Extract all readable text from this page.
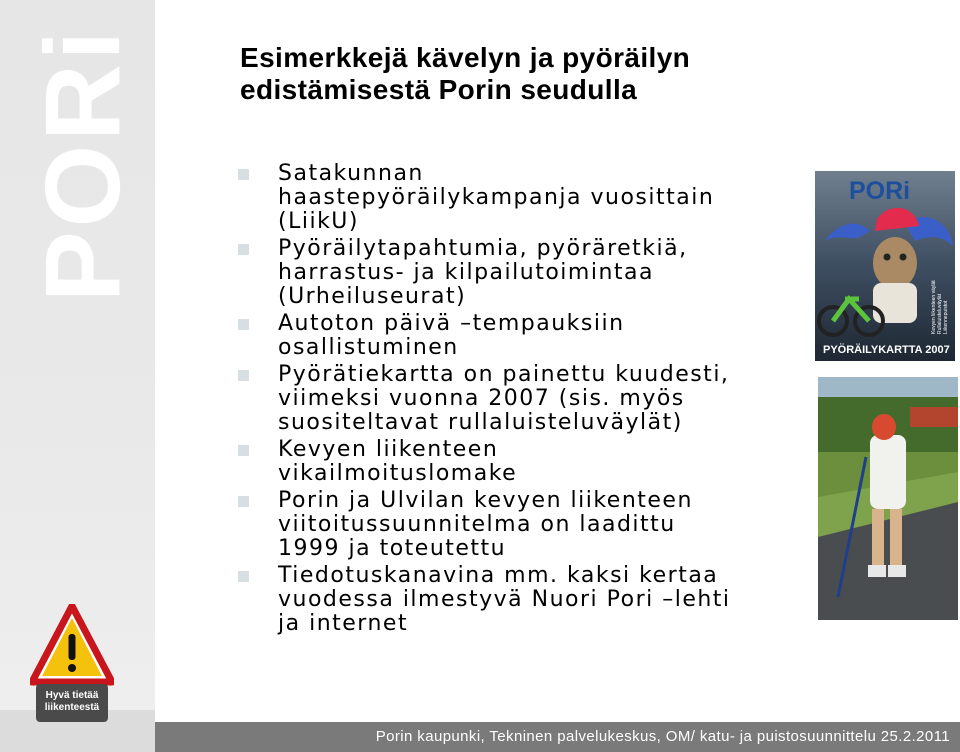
PORi
Hyvä tietää
liikenteestä
Esimerkkejä kävelyn ja pyöräilyn
edistämisestä Porin seudulla
Satakunnan
haastepyöräilykampanja vuosittain
(LiikU)
Pyöräilytapahtumia, pyöräretkiä,
harrastus- ja kilpailutoimintaa
(Urheiluseurat)
Autoton päivä –tempauksiin
osallistuminen
Pyörätiekartta on painettu kuudesti,
viimeksi vuonna 2007 (sis. myös
suositeltavat rullaluisteluväylät)
Kevyen liikenteen
vikailmoituslomake
Porin ja Ulvilan kevyen liikenteen
viitoitussuunnitelma on laadittu
1999 ja toteutettu
Tiedotuskanavina mm. kaksi kertaa
vuodessa ilmestyvä Nuori Pori –lehti
ja internet
PORi
Kevyen liikenteen väylät Rullaluisteluväylät Liikennepuistot
PYÖRÄILYKARTTA 2007
Porin kaupunki, Tekninen palvelukeskus, OM/ katu- ja puistosuunnittelu 25.2.2011
